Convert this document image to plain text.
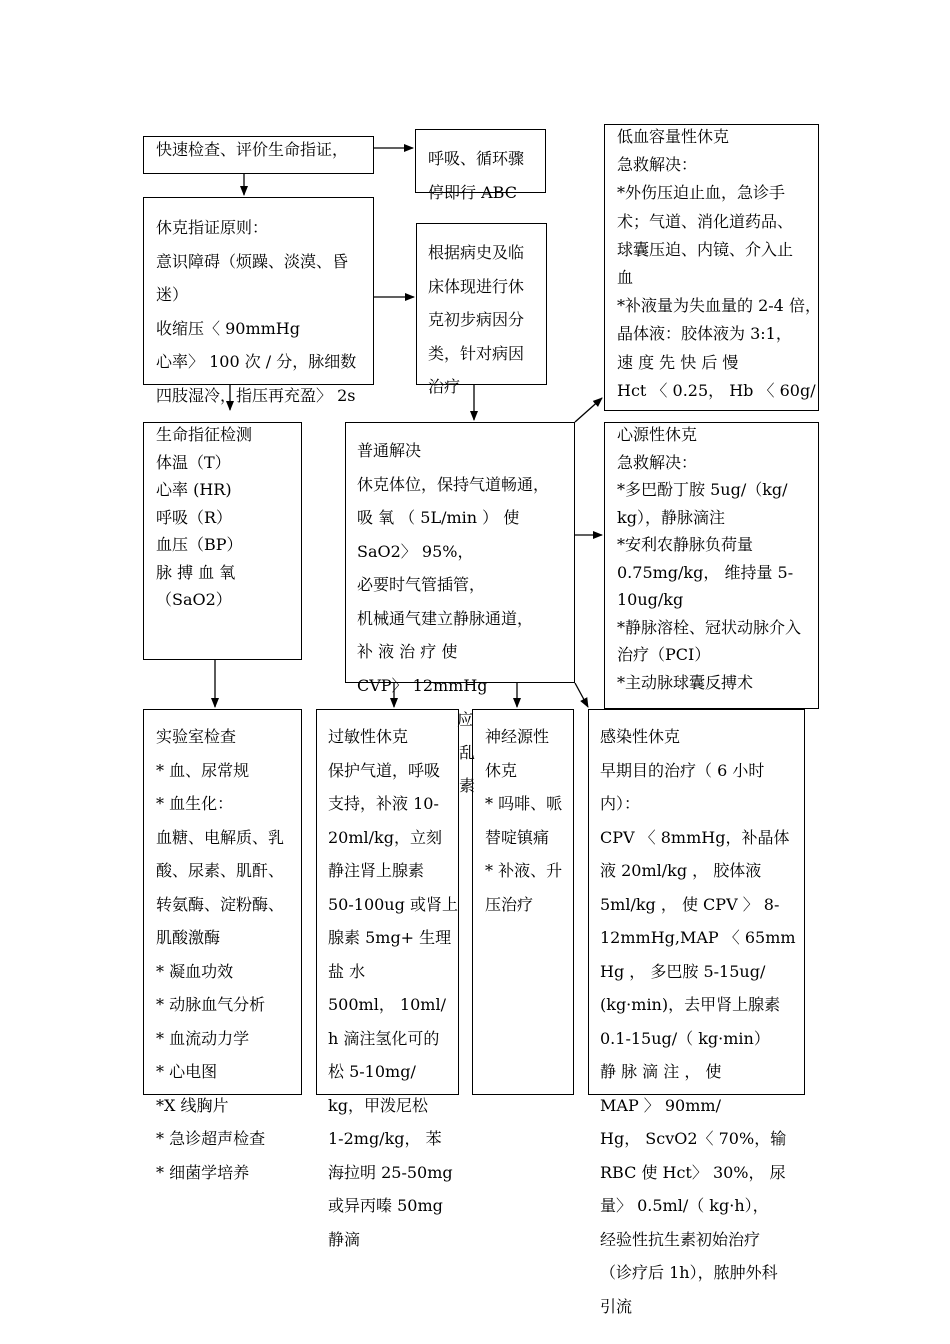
快速检查、评价生命指证，	呼吸、循环骤
停即行 ABC
休克指证原则：
意识障碍（烦躁、淡漠、昏
迷）
收缩压〈 90mmHg
心率〉 100 次 / 分，脉细数
四肢湿冷，指压再充盈〉 2s
根据病史及临
床体现进行休
克初步病因分
类，针对病因
治疗
低血容量性休克
急救解决：
*外伤压迫止血，急诊手
术；气道、消化道药品、
球囊压迫、内镜、介入止
血
*补液量为失血量的 2-4 倍，
晶体液：胶体液为 3:1，
速 度 先 快 后 慢
Hct 〈 0.25， Hb 〈 60g/
生命指征检测
体温（T）
心率 (HR)
呼吸（R）
血压（BP）
脉 搏 血 氧
（SaO2）
普通解决
休克体位，保持气道畅通，
吸 氧 （ 5L/min ） 使
SaO2〉 95%，
必要时气管插管，
机械通气建立静脉通道，
补 液 治 疗 使
CVP〉 12mmHg
应
乱
素
心源性休克
急救解决：
*多巴酚丁胺 5ug/（kg/
kg），静脉滴注
*安利农静脉负荷量
0.75mg/kg， 维持量 5-
10ug/kg
*静脉溶栓、冠状动脉介入
治疗（PCI）
*主动脉球囊反搏术
实验室检查
* 血、尿常规
* 血生化：
血糖、电解质、乳
酸、尿素、肌酐、
转氨酶、淀粉酶、
肌酸激酶
* 凝血功效
* 动脉血气分析
* 血流动力学
* 心电图
*X 线胸片
* 急诊超声检查
* 细菌学培养
过敏性休克
保护气道，呼吸
支持，补液 10-
20ml/kg，立刻
静注肾上腺素
50-100ug 或肾上
腺素 5mg+ 生理
盐 水
500ml， 10ml/
h 滴注氢化可的
松 5-10mg/
kg，甲泼尼松
1-2mg/kg， 苯
海拉明 25-50mg
或异丙嗪 50mg
静滴
神经源性
休克
* 吗啡、哌
替啶镇痛
* 补液、升
压治疗
感染性休克
早期目的治疗（ 6 小时
内）：
CPV 〈 8mmHg，补晶体
液 20ml/kg ， 胶体液
5ml/kg ， 使 CPV 〉 8-
12mmHg,MAP 〈 65mm
Hg ， 多巴胺 5-15ug/
(kg·min)，去甲肾上腺素
0.1-15ug/（ kg·min）
静 脉 滴 注 ， 使
MAP 〉 90mm/
Hg， ScvO2〈 70%，输
RBC 使 Hct〉 30%， 尿
量〉 0.5ml/（ kg·h），
经验性抗生素初始治疗
（诊疗后 1h），脓肿外科
引流
